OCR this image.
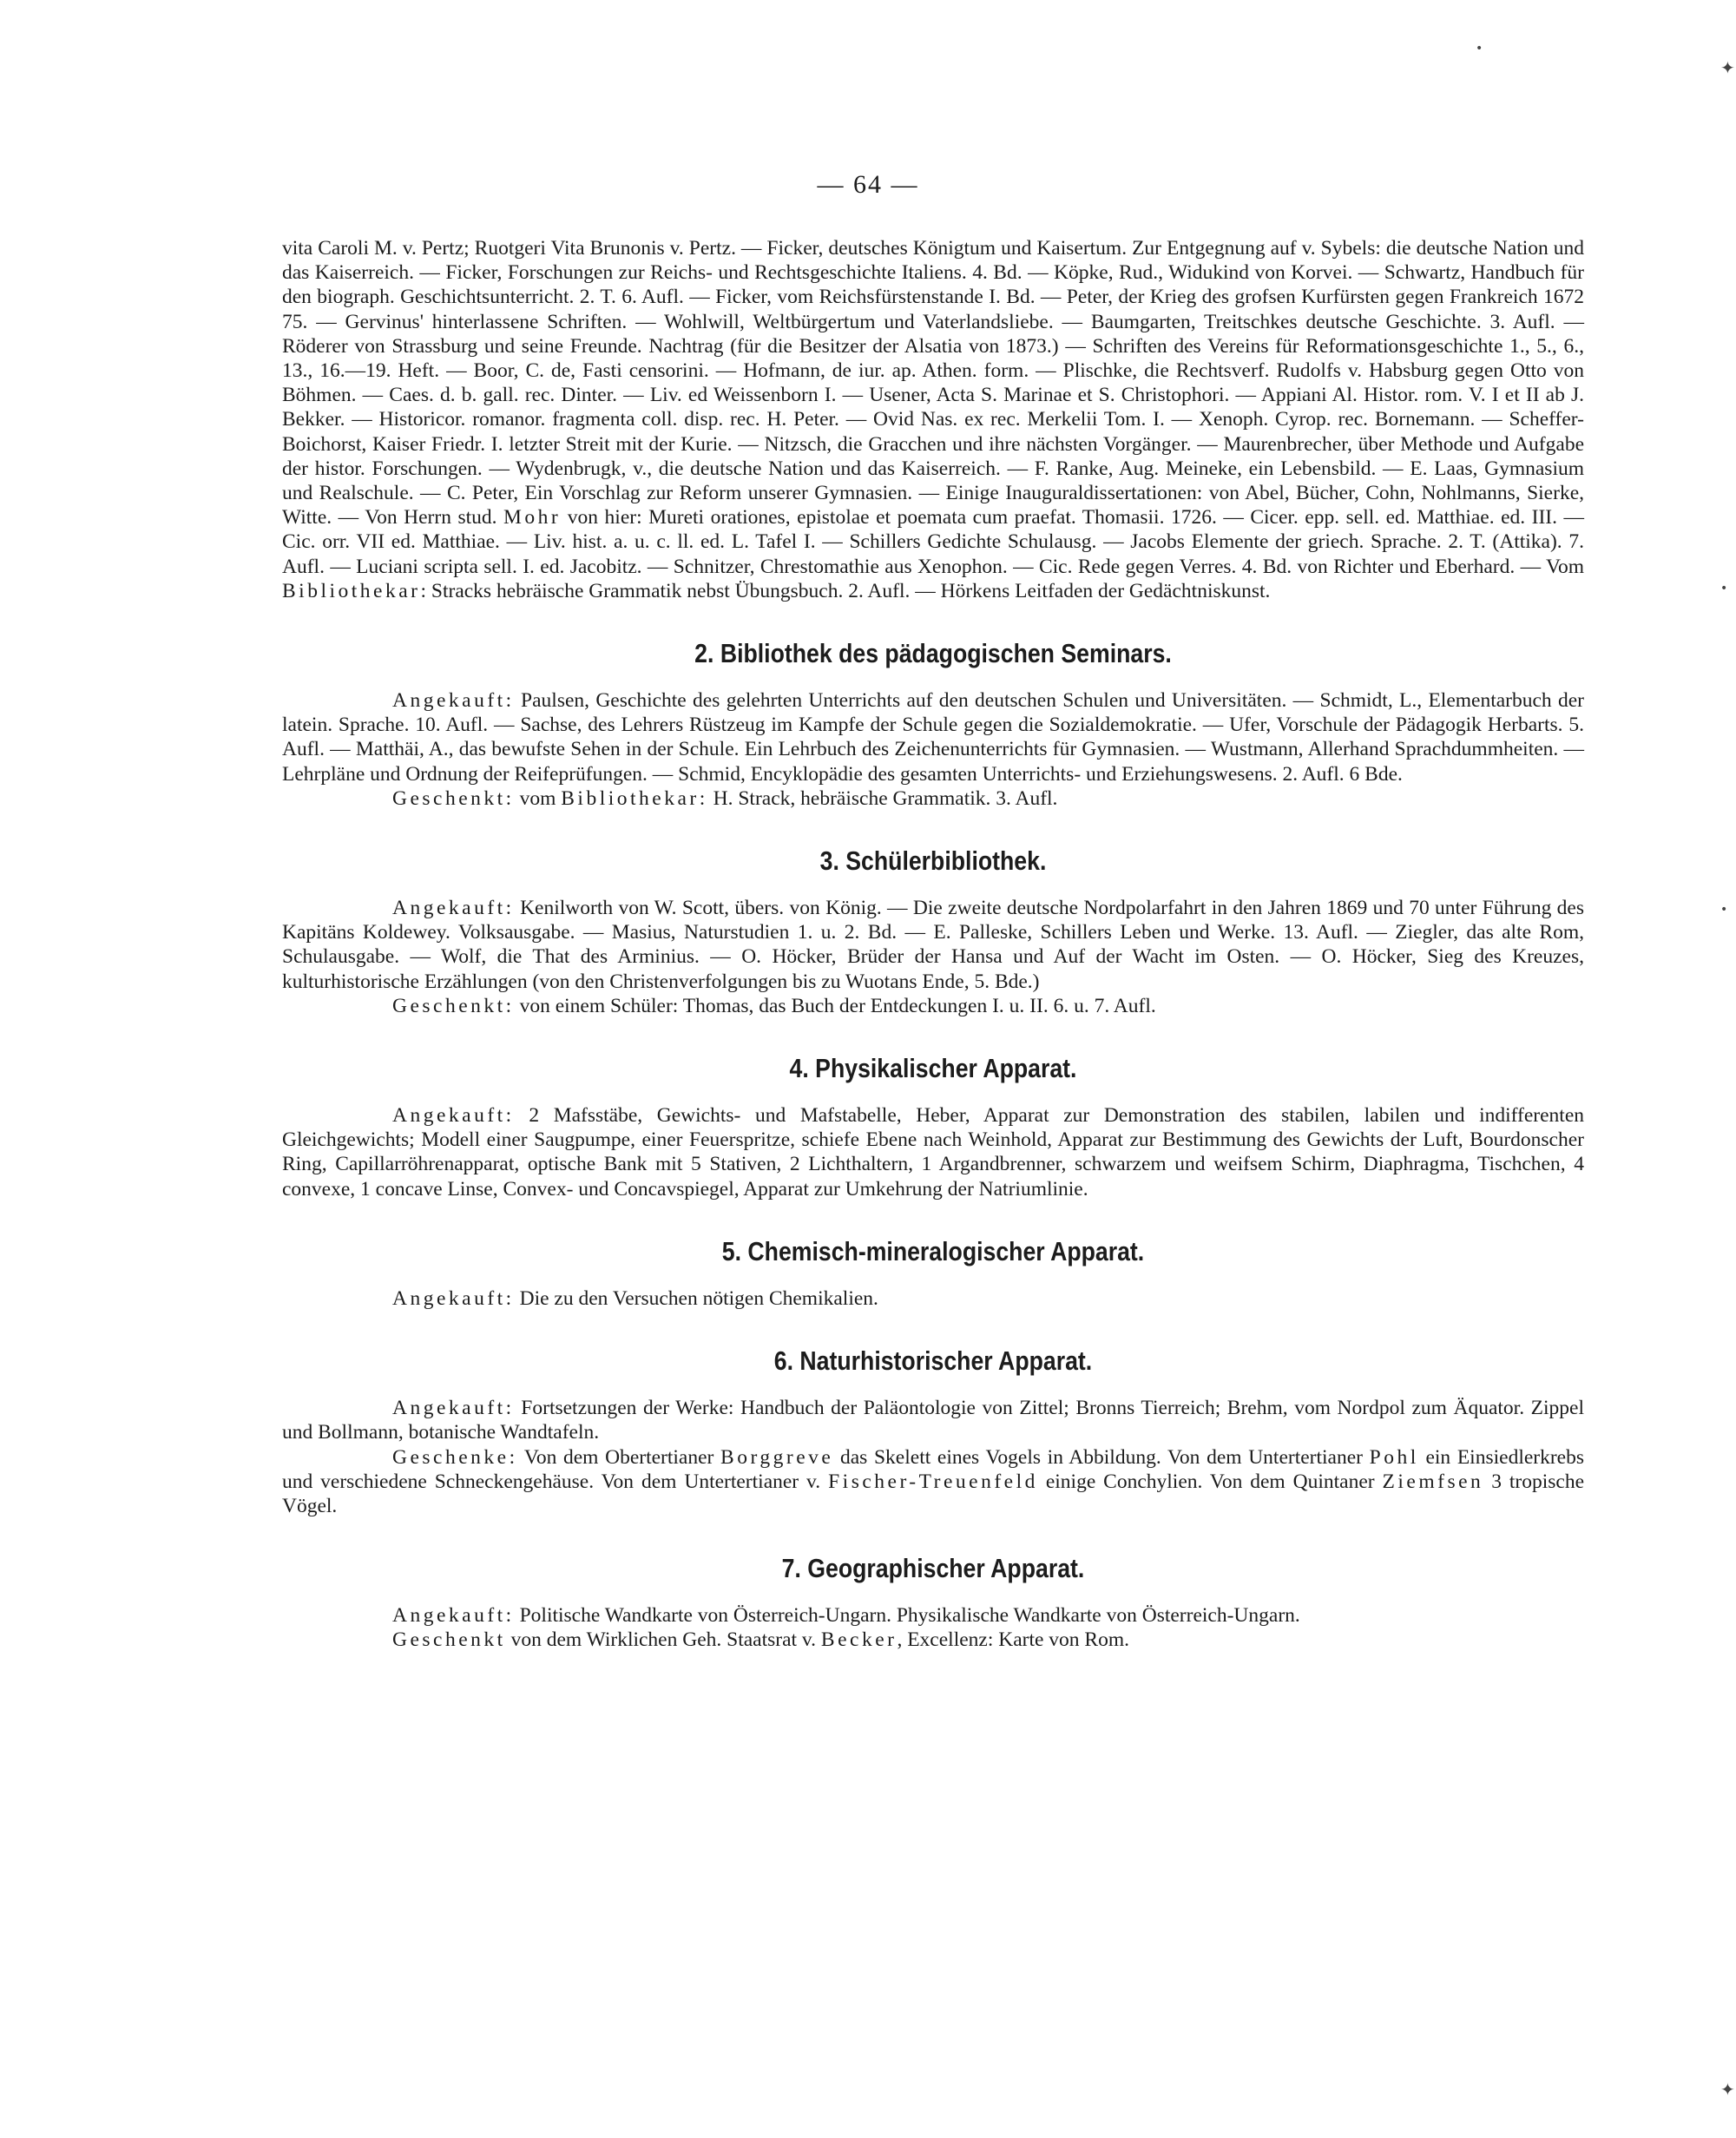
— 64 —

vita Caroli M. v. Pertz; Ruotgeri Vita Brunonis v. Pertz. — Ficker, deutsches Königtum und Kaisertum. Zur Entgegnung auf v. Sybels: die deutsche Nation und das Kaiserreich. — Ficker, Forschungen zur Reichs- und Rechtsgeschichte Italiens. 4. Bd. — Köpke, Rud., Widukind von Korvei. — Schwartz, Handbuch für den biograph. Geschichtsunterricht. 2. T. 6. Aufl. — Ficker, vom Reichsfürstenstande I. Bd. — Peter, der Krieg des grofsen Kurfürsten gegen Frankreich 1672 75. — Gervinus' hinterlassene Schriften. — Wohlwill, Weltbürgertum und Vaterlandsliebe. — Baumgarten, Treitschkes deutsche Geschichte. 3. Aufl. — Röderer von Strassburg und seine Freunde. Nachtrag (für die Besitzer der Alsatia von 1873.) — Schriften des Vereins für Reformationsgeschichte 1., 5., 6., 13., 16.—19. Heft. — Boor, C. de, Fasti censorini. — Hofmann, de iur. ap. Athen. form. — Plischke, die Rechtsverf. Rudolfs v. Habsburg gegen Otto von Böhmen. — Caes. d. b. gall. rec. Dinter. — Liv. ed Weissenborn I. — Usener, Acta S. Marinae et S. Christophori. — Appiani Al. Histor. rom. V. I et II ab J. Bekker. — Historicor. romanor. fragmenta coll. disp. rec. H. Peter. — Ovid Nas. ex rec. Merkelii Tom. I. — Xenoph. Cyrop. rec. Bornemann. — Scheffer-Boichorst, Kaiser Friedr. I. letzter Streit mit der Kurie. — Nitzsch, die Gracchen und ihre nächsten Vorgänger. — Maurenbrecher, über Methode und Aufgabe der histor. Forschungen. — Wydenbrugk, v., die deutsche Nation und das Kaiserreich. — F. Ranke, Aug. Meineke, ein Lebensbild. — E. Laas, Gymnasium und Realschule. — C. Peter, Ein Vorschlag zur Reform unserer Gymnasien. — Einige Inauguraldissertationen: von Abel, Bücher, Cohn, Nohlmanns, Sierke, Witte. — Von Herrn stud. Mohr von hier: Mureti orationes, epistolae et poemata cum praefat. Thomasii. 1726. — Cicer. epp. sell. ed. Matthiae. ed. III. — Cic. orr. VII ed. Matthiae. — Liv. hist. a. u. c. ll. ed. L. Tafel I. — Schillers Gedichte Schulausg. — Jacobs Elemente der griech. Sprache. 2. T. (Attika). 7. Aufl. — Luciani scripta sell. I. ed. Jacobitz. — Schnitzer, Chrestomathie aus Xenophon. — Cic. Rede gegen Verres. 4. Bd. von Richter und Eberhard. — Vom Bibliothekar: Stracks hebräische Grammatik nebst Übungsbuch. 2. Aufl. — Hörkens Leitfaden der Gedächtniskunst.

2. Bibliothek des pädagogischen Seminars.

Angekauft: Paulsen, Geschichte des gelehrten Unterrichts auf den deutschen Schulen und Universitäten. — Schmidt, L., Elementarbuch der latein. Sprache. 10. Aufl. — Sachse, des Lehrers Rüstzeug im Kampfe der Schule gegen die Sozialdemokratie. — Ufer, Vorschule der Pädagogik Herbarts. 5. Aufl. — Matthäi, A., das bewufste Sehen in der Schule. Ein Lehrbuch des Zeichenunterrichts für Gymnasien. — Wustmann, Allerhand Sprachdummheiten. — Lehrpläne und Ordnung der Reifeprüfungen. — Schmid, Encyklopädie des gesamten Unterrichts- und Erziehungswesens. 2. Aufl. 6 Bde.

Geschenkt: vom Bibliothekar: H. Strack, hebräische Grammatik. 3. Aufl.

3. Schülerbibliothek.

Angekauft: Kenilworth von W. Scott, übers. von König. — Die zweite deutsche Nordpolarfahrt in den Jahren 1869 und 70 unter Führung des Kapitäns Koldewey. Volksausgabe. — Masius, Naturstudien 1. u. 2. Bd. — E. Palleske, Schillers Leben und Werke. 13. Aufl. — Ziegler, das alte Rom, Schulausgabe. — Wolf, die That des Arminius. — O. Höcker, Brüder der Hansa und Auf der Wacht im Osten. — O. Höcker, Sieg des Kreuzes, kulturhistorische Erzählungen (von den Christenverfolgungen bis zu Wuotans Ende, 5. Bde.)

Geschenkt: von einem Schüler: Thomas, das Buch der Entdeckungen I. u. II. 6. u. 7. Aufl.

4. Physikalischer Apparat.

Angekauft: 2 Mafsstäbe, Gewichts- und Mafstabelle, Heber, Apparat zur Demonstration des stabilen, labilen und indifferenten Gleichgewichts; Modell einer Saugpumpe, einer Feuerspritze, schiefe Ebene nach Weinhold, Apparat zur Bestimmung des Gewichts der Luft, Bourdonscher Ring, Capillarröhrenapparat, optische Bank mit 5 Stativen, 2 Lichthaltern, 1 Argandbrenner, schwarzem und weifsem Schirm, Diaphragma, Tischchen, 4 convexe, 1 concave Linse, Convex- und Concavspiegel, Apparat zur Umkehrung der Natriumlinie.

5. Chemisch-mineralogischer Apparat.

Angekauft: Die zu den Versuchen nötigen Chemikalien.

6. Naturhistorischer Apparat.

Angekauft: Fortsetzungen der Werke: Handbuch der Paläontologie von Zittel; Bronns Tierreich; Brehm, vom Nordpol zum Äquator. Zippel und Bollmann, botanische Wandtafeln.

Geschenke: Von dem Obertertianer Borggreve das Skelett eines Vogels in Abbildung. Von dem Untertertianer Pohl ein Einsiedlerkrebs und verschiedene Schneckengehäuse. Von dem Untertertianer v. Fischer-Treuenfeld einige Conchylien. Von dem Quintaner Ziemfsen 3 tropische Vögel.

7. Geographischer Apparat.

Angekauft: Politische Wandkarte von Österreich-Ungarn. Physikalische Wandkarte von Österreich-Ungarn.

Geschenkt von dem Wirklichen Geh. Staatsrat v. Becker, Excellenz: Karte von Rom.

•
✦
•
•
✦
